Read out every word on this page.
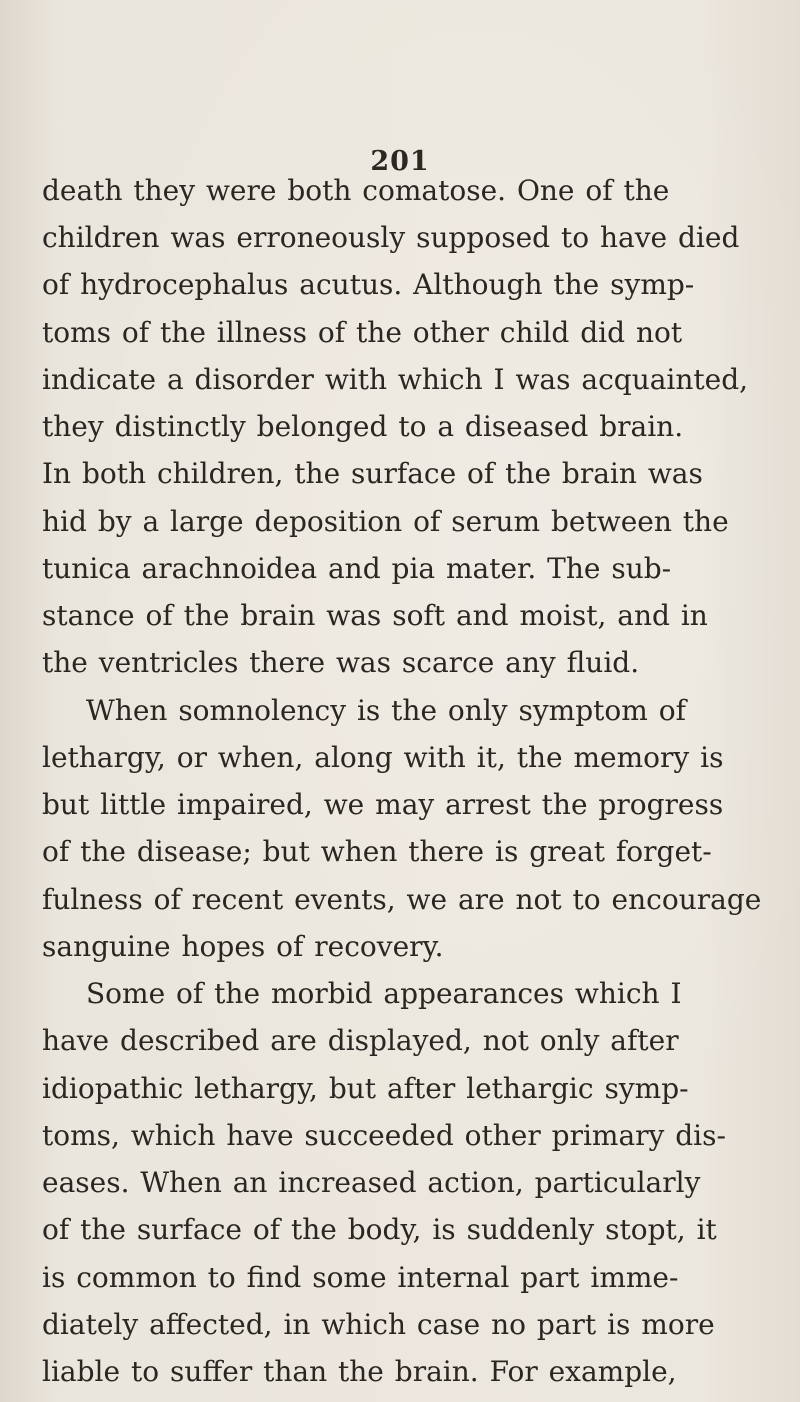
201
death they were both comatose. One of the
children was erroneously supposed to have died
of hydrocephalus acutus. Although the symp-
toms of the illness of the other child did not
indicate a disorder with which I was acquainted,
they distinctly belonged to a diseased brain.
In both children, the surface of the brain was
hid by a large deposition of serum between the
tunica arachnoidea and pia mater. The sub-
stance of the brain was soft and moist, and in
the ventricles there was scarce any fluid.
When somnolency is the only symptom of
lethargy, or when, along with it, the memory is
but little impaired, we may arrest the progress
of the disease; but when there is great forget-
fulness of recent events, we are not to encourage
sanguine hopes of recovery.
Some of the morbid appearances which I
have described are displayed, not only after
idiopathic lethargy, but after lethargic symp-
toms, which have succeeded other primary dis-
eases. When an increased action, particularly
of the surface of the body, is suddenly stopt, it
is common to find some internal part imme-
diately affected, in which case no part is more
liable to suffer than the brain. For example,
